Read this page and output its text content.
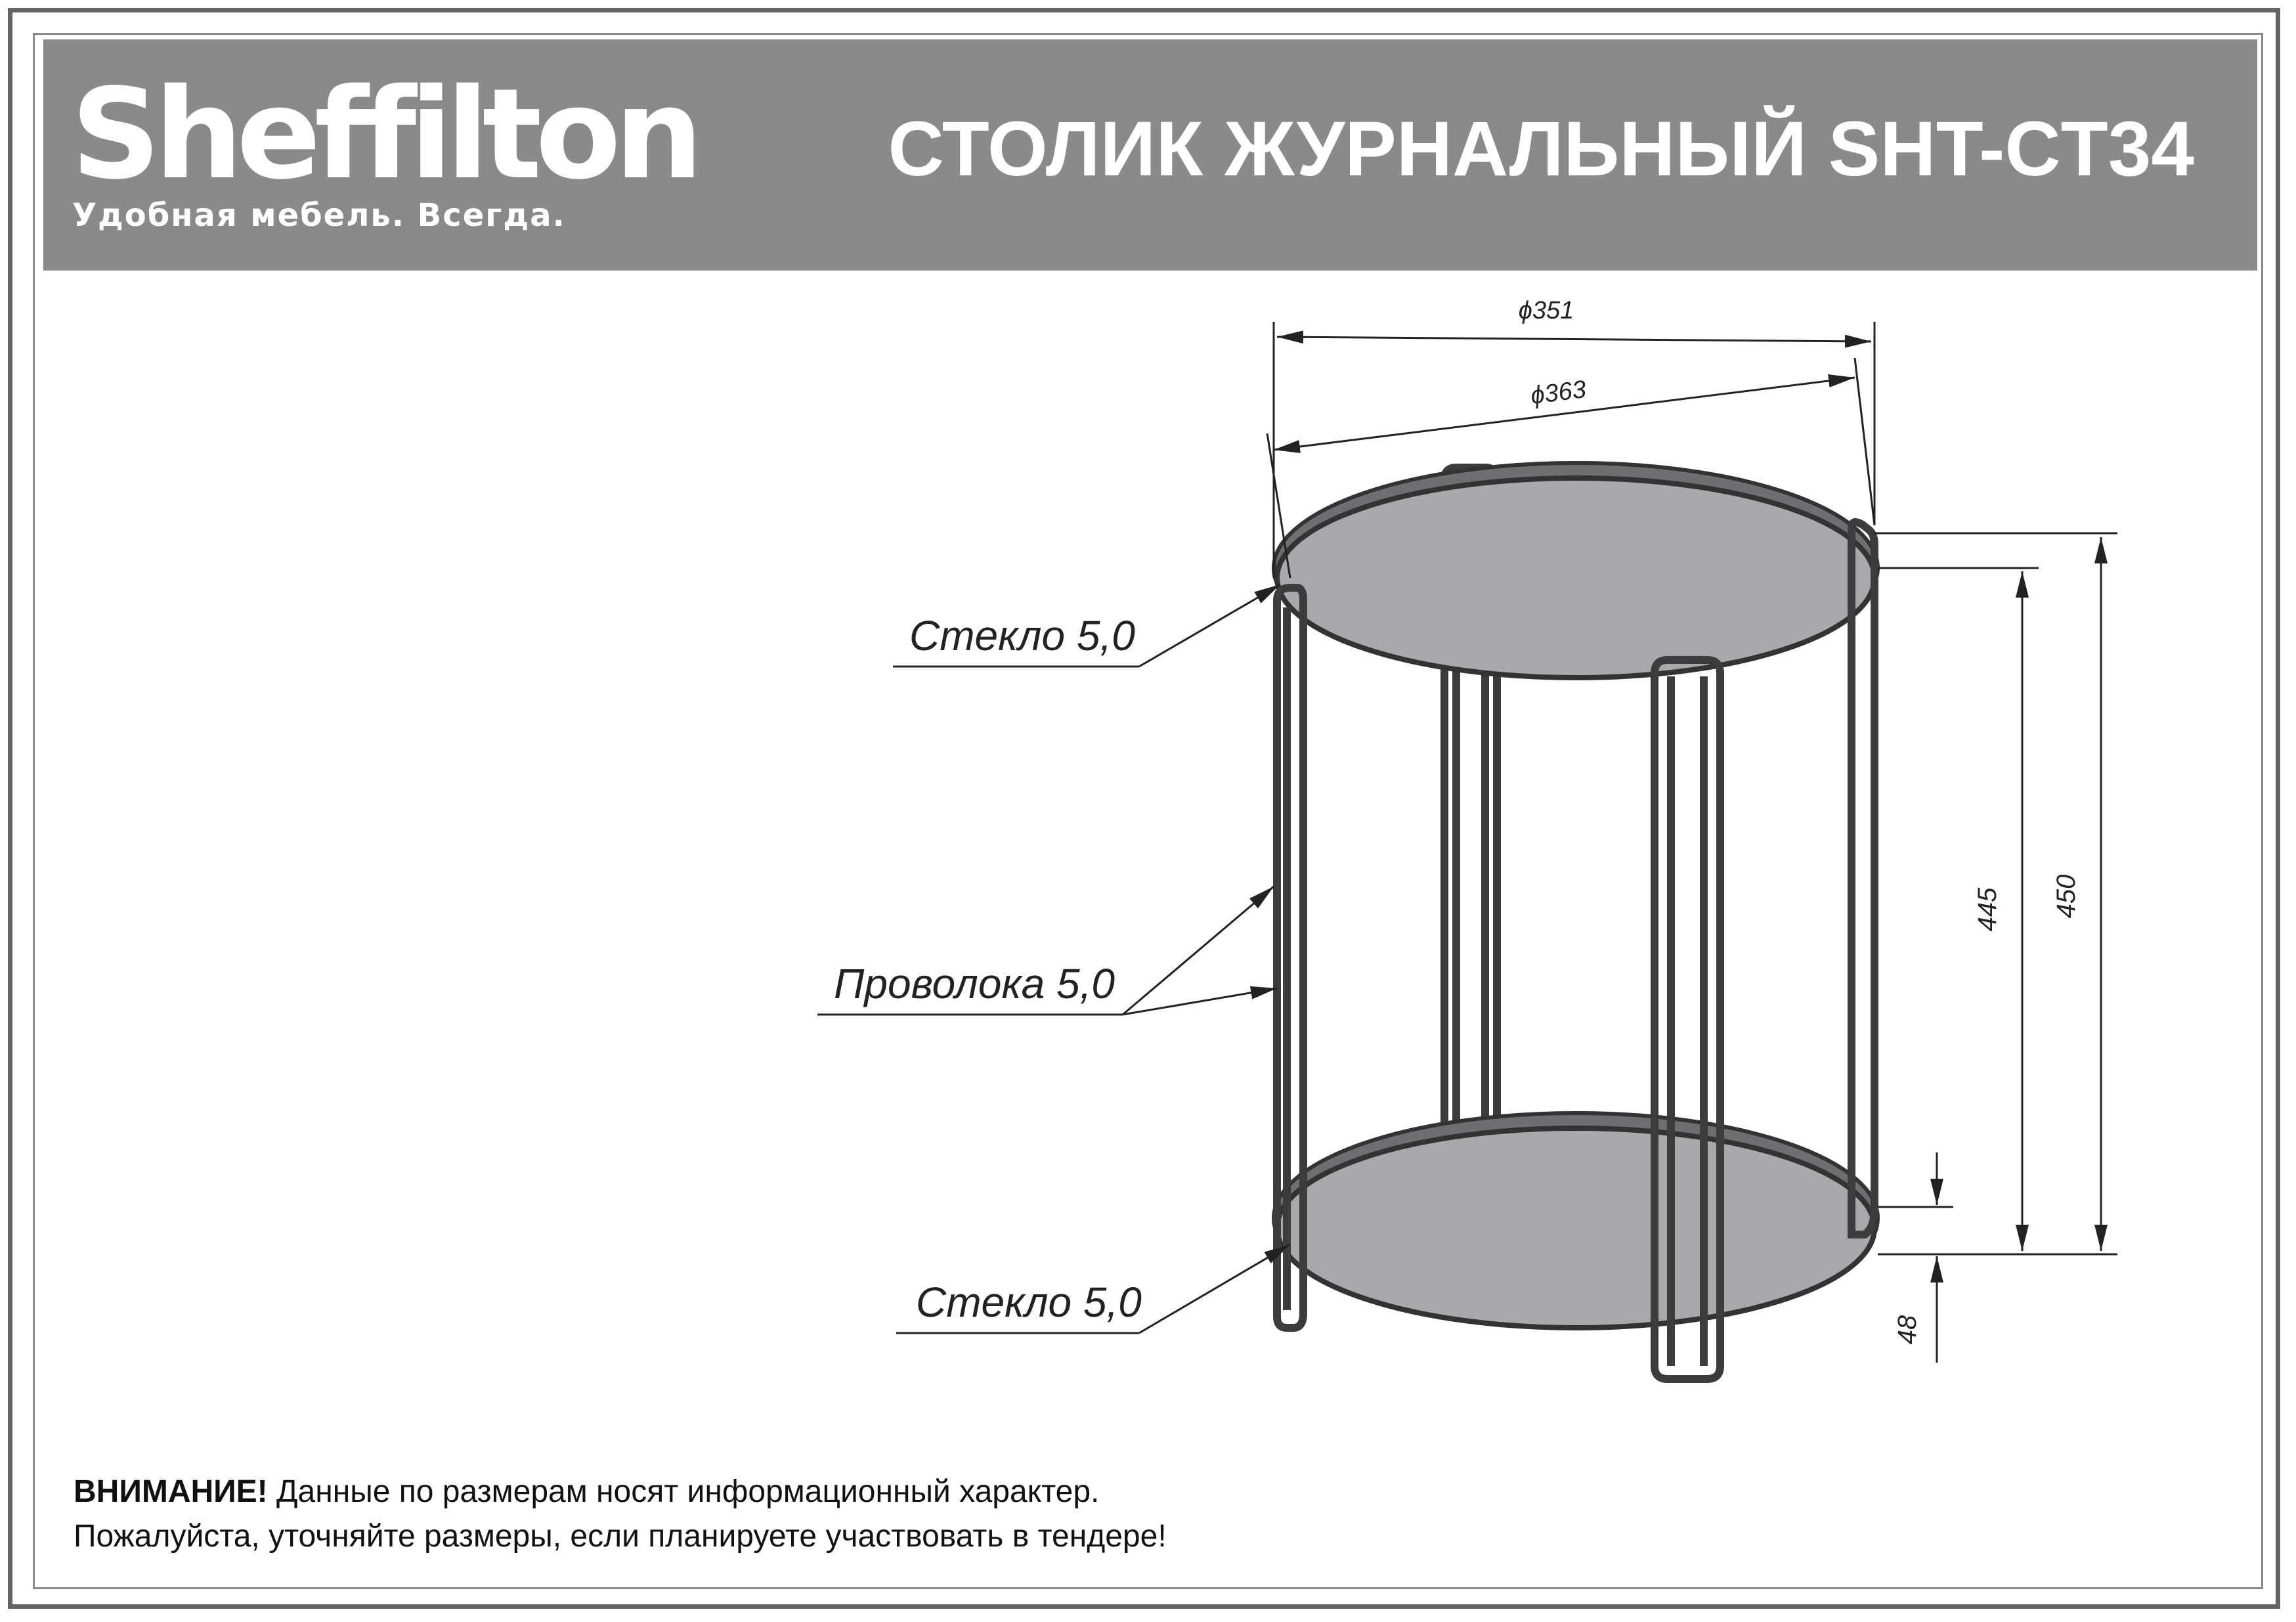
Sheffilton
Удобная мебель. Всегда.
СТОЛИК ЖУРНАЛЬНЫЙ SHT-CT34
ϕ351
ϕ363
450
445
48
Стекло 5,0
Проволока 5,0
Стекло 5,0
ВНИМАНИЕ! Данные по размерам носят информационный характер.
Пожалуйста, уточняйте размеры, если планируете участвовать в тендере!
